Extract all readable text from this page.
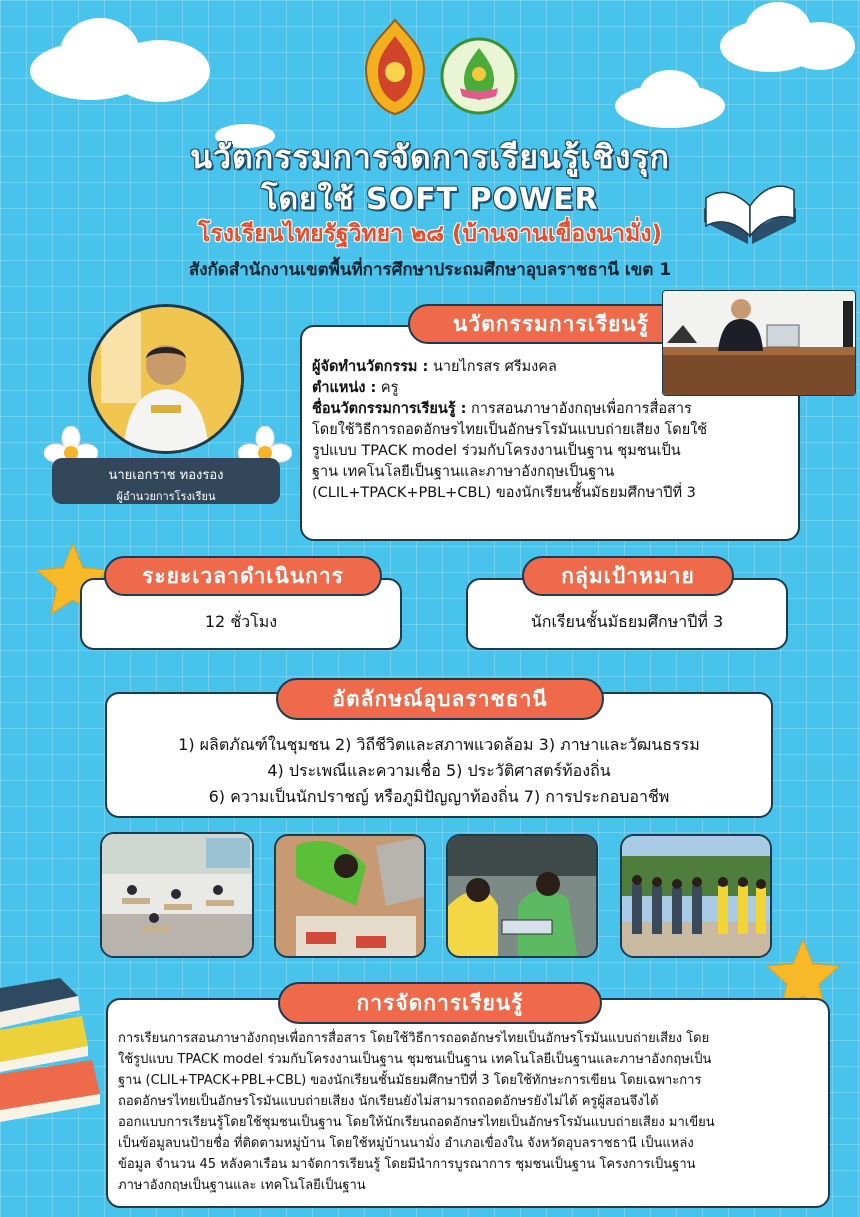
นวัตกรรมการจัดการเรียนรู้เชิงรุก
โดยใช้ SOFT POWER
โรงเรียนไทยรัฐวิทยา ๒๘ (บ้านจานเขื่องนามั่ง)
สังกัดสำนักงานเขตพื้นที่การศึกษาประถมศึกษาอุบลราชธานี เขต 1
นายเอกราช ทองรอง
ผู้อำนวยการโรงเรียน
ผู้จัดทำนวัตกรรม : นายไกรสร ศรีมงคล
ตำแหน่ง : ครู
ชื่อนวัตกรรมการเรียนรู้ : การสอนภาษาอังกฤษเพื่อการสื่อสาร
โดยใช้วิธีการถอดอักษรไทยเป็นอักษรโรมันแบบถ่ายเสียง โดยใช้
รูปแบบ TPACK model ร่วมกับโครงงานเป็นฐาน ชุมชนเป็น
ฐาน เทคโนโลยีเป็นฐานและภาษาอังกฤษเป็นฐาน
(CLIL+TPACK+PBL+CBL) ของนักเรียนชั้นมัธยมศึกษาปีที่ 3
นวัตกรรมการเรียนรู้
12 ชั่วโมง
ระยะเวลาดำเนินการ
นักเรียนชั้นมัธยมศึกษาปีที่ 3
กลุ่มเป้าหมาย
1) ผลิตภัณฑ์ในชุมชน 2) วิถีชีวิตและสภาพแวดล้อม 3) ภาษาและวัฒนธรรม
4) ประเพณีและความเชื่อ 5) ประวัติศาสตร์ท้องถิ่น
6) ความเป็นนักปราชญ์ หรือภูมิปัญญาท้องถิ่น 7) การประกอบอาชีพ
อัตลักษณ์อุบลราชธานี
การเรียนการสอนภาษาอังกฤษเพื่อการสื่อสาร โดยใช้วิธีการถอดอักษรไทยเป็นอักษรโรมันแบบถ่ายเสียง โดย
ใช้รูปแบบ TPACK model ร่วมกับโครงงานเป็นฐาน ชุมชนเป็นฐาน เทคโนโลยีเป็นฐานและภาษาอังกฤษเป็น
ฐาน (CLIL+TPACK+PBL+CBL) ของนักเรียนชั้นมัธยมศึกษาปีที่ 3 โดยใช้ทักษะการเขียน โดยเฉพาะการ
ถอดอักษรไทยเป็นอักษรโรมันแบบถ่ายเสียง นักเรียนยังไม่สามารถถอดอักษรยังไม่ได้ ครูผู้สอนจึงได้
ออกแบบการเรียนรู้โดยใช้ชุมชนเป็นฐาน โดยให้นักเรียนถอดอักษรไทยเป็นอักษรโรมันแบบถ่ายเสียง มาเขียน
เป็นข้อมูลบนป้ายชื่อ ที่ติดตามหมู่บ้าน โดยใช้หมู่บ้านนามั่ง อำเภอเขื่องใน จังหวัดอุบลราชธานี เป็นแหล่ง
ข้อมูล จำนวน 45 หลังคาเรือน มาจัดการเรียนรู้ โดยมีนำการบูรณาการ ชุมชนเป็นฐาน โครงการเป็นฐาน
ภาษาอังกฤษเป็นฐานและ เทคโนโลยีเป็นฐาน
การจัดการเรียนรู้
